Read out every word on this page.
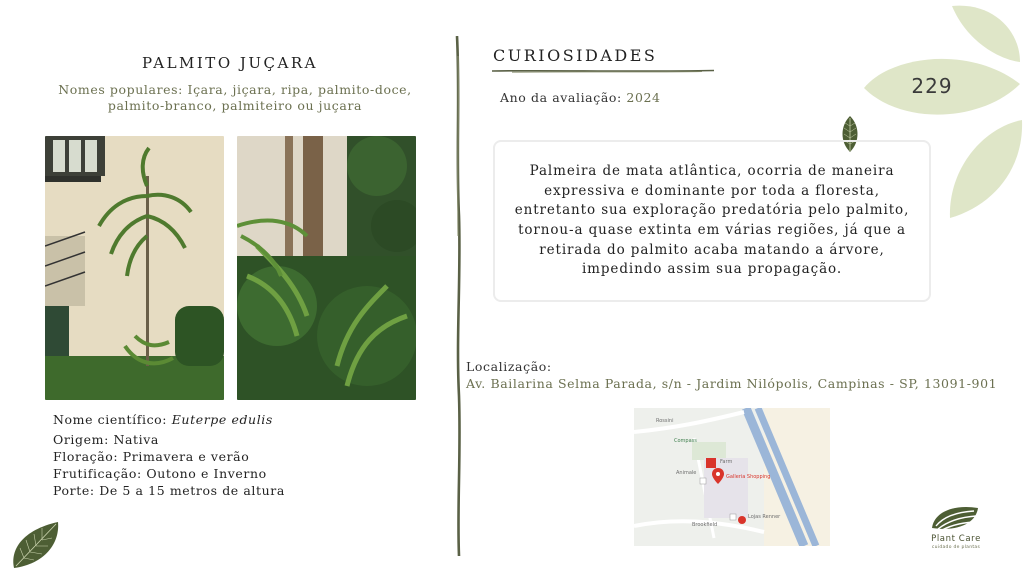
229
PALMITO JUÇARA
Nomes populares: Içara, jiçara, ripa, palmito-doce, palmito-branco, palmiteiro ou juçara
Nome científico: Euterpe edulis
Origem: Nativa
Floração: Primavera e verão
Frutificação: Outono e Inverno
Porte: De 5 a 15 metros de altura
CURIOSIDADES
Ano da avaliação: 2024

Palmeira de mata atlântica, ocorria de maneira expressiva e dominante por toda a floresta, entretanto sua exploração predatória pelo palmito, tornou-a quase extinta em várias regiões, já que a retirada do palmito acaba matando a árvore, impedindo assim sua propagação.

Localização:
Av. Bailarina Selma Parada, s/n - Jardim Nilópolis, Campinas - SP, 13091-901
Rossini
Compass
Farm
Animale
Galleria Shopping
Brookfield
Lojas Renner
Plant Care
cuidado de plantas
